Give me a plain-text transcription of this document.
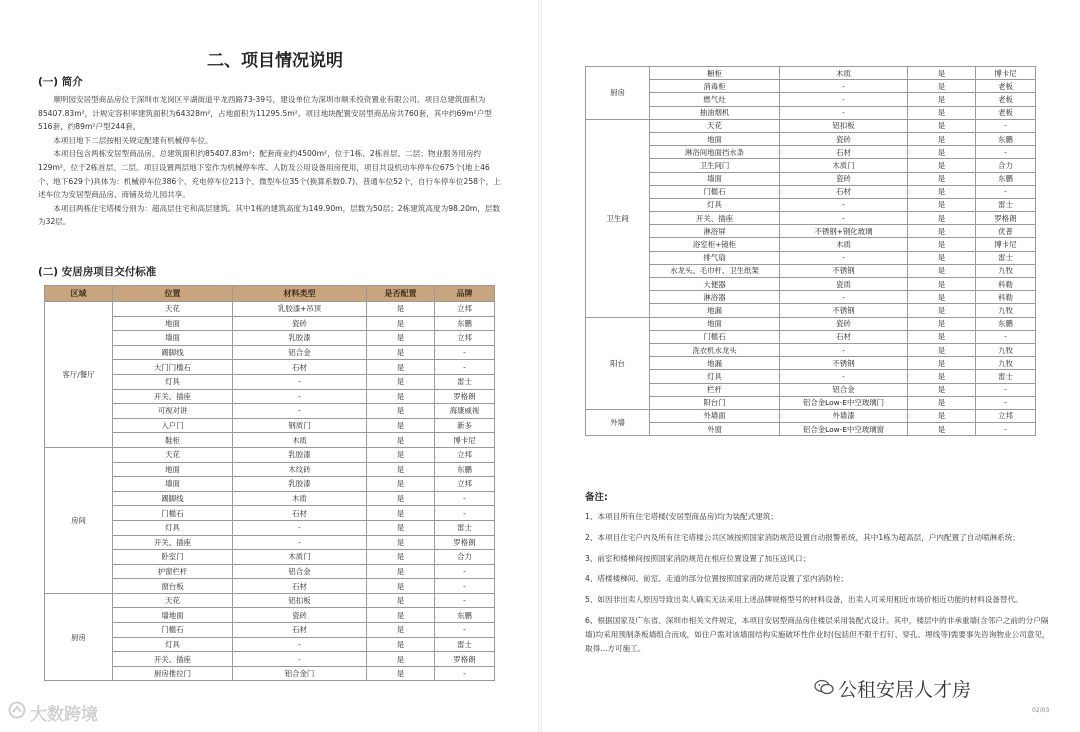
二、项目情况说明
(一) 简介

顺明园安居型商品房位于深圳市龙岗区平湖街道平龙西路73-39号，建设单位为深圳市顺禾投资置业有限公司。项目总建筑面积为85407.83m²，计规定容积率建筑面积为64328m²，占地面积为11295.5m²。项目地块配置安居型商品房共760套，其中约69m²户型516套，约89m²户型244套。

本项目地下二层按相关规定配建有机械停车位。

本项目包含两栋安居型商品房，总建筑面积约85407.83m²；配套商业约4500m²，位于1栋、2栋首层、二层；物业服务用房约129m²，位于2栋首层、二层。项目设置两层地下室作为机械停车库、人防及公用设备用房使用，项目共设机动车停车位675个(地上46个、地下629个)具体为：机械停车位386个、充电停车位213个、微型车位35个(换算系数0.7)、普通车位52个，自行车停车位258个，上述车位为安居型商品房、商铺及幼儿园共享。

本项目两栋住宅塔楼分别为：超高层住宅和高层建筑。其中1栋的建筑高度为149.90m，层数为50层；2栋建筑高度为98.20m，层数为32层。

(二) 安居房项目交付标准
区域	位置	材料类型	是否配置	品牌
客厅/餐厅	天花	乳胶漆+吊顶	是	立邦
	地面	瓷砖	是	东鹏
	墙面	乳胶漆	是	立邦
	踢脚线	铝合金	是	-
	大门门槛石	石材	是	-
	灯具	-	是	雷士
	开关、插座	-	是	罗格朗
	可视对讲	-	是	海康威视
	入户门	钢质门	是	新多
	鞋柜	木质	是	博卡尼
房间	天花	乳胶漆	是	立邦
	地面	木纹砖	是	东鹏
	墙面	乳胶漆	是	立邦
	踢脚线	木质	是	-
	门槛石	石材	是	-
	灯具	-	是	雷士
	开关、插座	-	是	罗格朗
	卧室门	木质门	是	合力
	护窗栏杆	铝合金	是	-
	窗台板	石材	是	-
厨房	天花	铝扣板	是	-
	墙地面	瓷砖	是	东鹏
	门槛石	石材	是	-
	灯具	-	是	雷士
	开关、插座	-	是	罗格朗
	厨房推拉门	铝合金门	是	-
厨房	橱柜	木质	是	博卡尼
	消毒柜	-	是	老板
	燃气灶	-	是	老板
	抽油烟机	-	是	老板
卫生间	天花	铝扣板	是	-
	地面	瓷砖	是	东鹏
	淋浴间地面挡水条	石材	是	-
	卫生间门	木质门	是	合力
	墙面	瓷砖	是	东鹏
	门槛石	石材	是	-
	灯具	-	是	雷士
	开关、插座	-	是	罗格朗
	淋浴屏	不锈钢+钢化玻璃	是	优普
	浴室柜+镜柜	木质	是	博卡尼
	排气扇	-	是	雷士
	水龙头、毛巾杆、卫生纸架	不锈钢	是	九牧
	大便器	瓷质	是	科勒
	淋浴器	-	是	科勒
	地漏	不锈钢	是	九牧
阳台	地面	瓷砖	是	东鹏
	门槛石	石材	是	-
	洗衣机水龙头	-	是	九牧
	地漏	不锈钢	是	九牧
	灯具	-	是	雷士
	栏杆	铝合金	是	-
	阳台门	铝合金Low-E中空玻璃门	是	-
外墙	外墙面	外墙漆	是	立邦
	外窗	铝合金Low-E中空玻璃窗	是	-
备注:

1、本项目所有住宅塔楼(安居型商品房)均为装配式建筑；

2、本项目住宅户内及所有住宅塔楼公共区域按照国家消防规范设置自动报警系统，其中1栋为超高层，户内配置了自动喷淋系统；

3、前室和楼梯间按照国家消防规范在相应位置设置了加压送风口；

4、塔楼楼梯间、前室、走道的部分位置按照国家消防规范设置了室内消防栓；

5、如因非出卖人原因导致出卖人确实无法采用上述品牌规格型号的材料设备，出卖人可采用相近市场价相近功能的材料设备替代。

6、根据国家及广东省、深圳市相关文件规定，本项目安居型商品房住楼层采用装配式设计。其中，楼层中的非承重墙(含邻户之前的分户隔墙)均采用预制条板墙组合而成，如住户需对该墙面结构实施破坏性作业时(包括但不限于打钉、穿孔、埋线等)需要事先咨询物业公司意见，取得...方可施工。

大数跨境
公租安居人才房
02/03
